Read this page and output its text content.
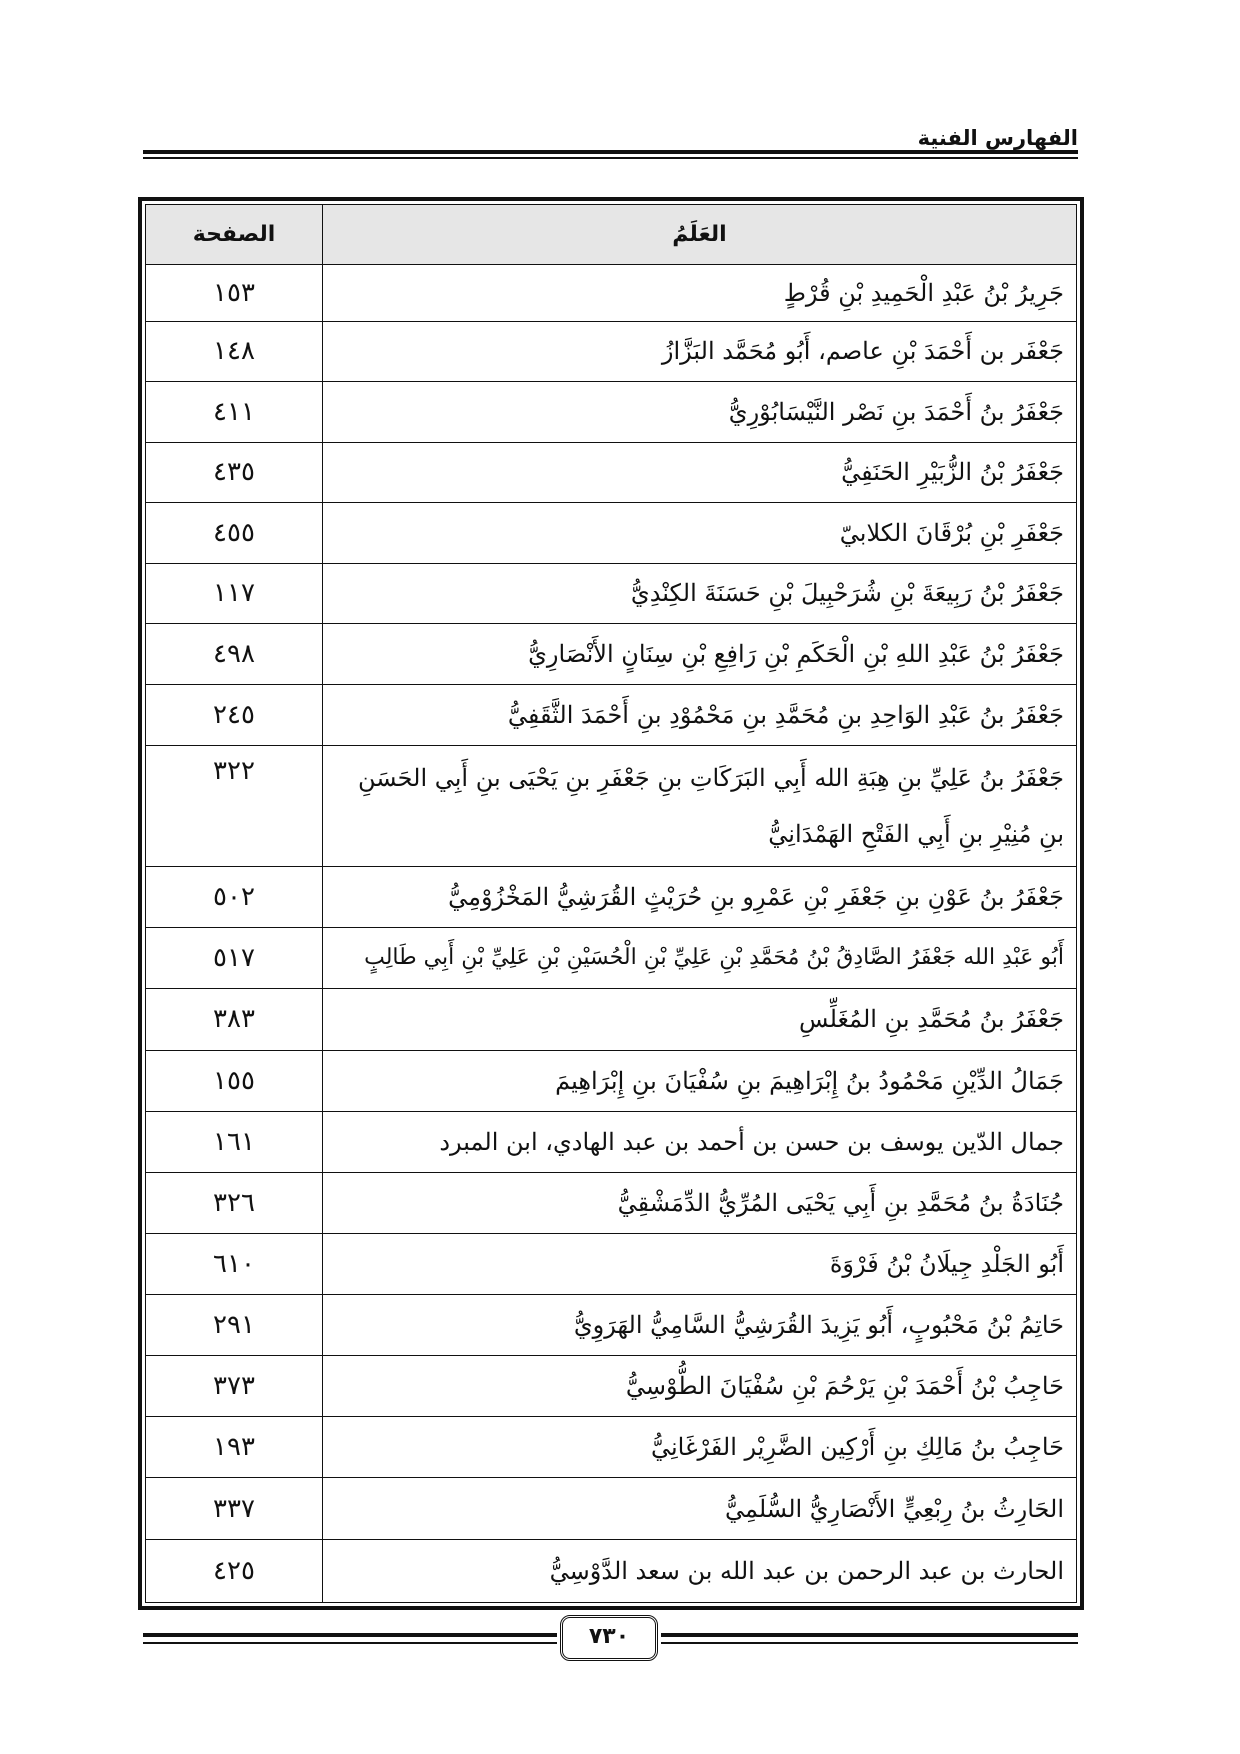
الفهارس الفنية
العَلَمُ	الصفحة
جَرِيرُ بْنُ عَبْدِ الْحَمِيدِ بْنِ قُرْطٍ	١٥٣
جَعْفَر بن أَحْمَدَ بْنِ عاصم، أَبُو مُحَمَّد البَزَّازُ	١٤٨
جَعْفَرُ بنُ أَحْمَدَ بنِ نَصْر النَّيْسَابُوْرِيُّ	٤١١
جَعْفَرُ بْنُ الزُّبَيْرِ الحَنَفِيُّ	٤٣٥
جَعْفَرِ بْنِ بُرْقَانَ الكلابيّ	٤٥٥
جَعْفَرُ بْنُ رَبِيعَةَ بْنِ شُرَحْبِيلَ بْنِ حَسَنَةَ الكِنْدِيُّ	١١٧
جَعْفَرُ بْنُ عَبْدِ اللهِ بْنِ الْحَكَمِ بْنِ رَافِعِ بْنِ سِنَانٍ الأَنْصَارِيُّ	٤٩٨
جَعْفَرُ بنُ عَبْدِ الوَاحِدِ بنِ مُحَمَّدِ بنِ مَحْمُوْدِ بنِ أَحْمَدَ الثَّقَفِيُّ	٢٤٥
جَعْفَرُ بنُ عَلِيِّ بنِ هِبَةِ الله أَبِي البَرَكَاتِ بنِ جَعْفَرِ بنِ يَحْيَى بنِ أَبِي الحَسَنِ بنِ مُنِيْرِ بنِ أَبِي الفَتْحِ الهَمْدَانِيُّ	٣٢٢
جَعْفَرُ بنُ عَوْنِ بنِ جَعْفَرِ بْنِ عَمْرِو بنِ حُرَيْثٍ القُرَشِيُّ المَخْزُوْمِيُّ	٥٠٢
أَبُو عَبْدِ الله جَعْفَرُ الصَّادِقُ بْنُ مُحَمَّدِ بْنِ عَلِيِّ بْنِ الْحُسَيْنِ بْنِ عَلِيِّ بْنِ أَبِي طَالِبٍ	٥١٧
جَعْفَرُ بنُ مُحَمَّدِ بنِ المُغَلِّسِ	٣٨٣
جَمَالُ الدِّيْنِ مَحْمُودُ بنُ إِبْرَاهِيمَ بنِ سُفْيَانَ بنِ إِبْرَاهِيمَ	١٥٥
جمال الدّين يوسف بن حسن بن أحمد بن عبد الهادي، ابن المبرد	١٦١
جُنَادَةُ بنُ مُحَمَّدِ بنِ أَبِي يَحْيَى المُرِّيُّ الدِّمَشْقِيُّ	٣٢٦
أَبُو الجَلْدِ جِيلَانُ بْنُ فَرْوَةَ	٦١٠
حَاتِمُ بْنُ مَحْبُوبٍ، أَبُو يَزِيدَ القُرَشِيُّ السَّامِيُّ الهَرَوِيُّ	٢٩١
حَاجِبُ بْنُ أَحْمَدَ بْنِ يَرْحُمَ بْنِ سُفْيَانَ الطُّوْسِيُّ	٣٧٣
حَاجِبُ بنُ مَالِكِ بنِ أَرْكِين الضَّرِيْر الفَرْغَانِيُّ	١٩٣
الحَارِثُ بنُ رِبْعِيٍّ الأَنْصَارِيُّ السُّلَمِيُّ	٣٣٧
الحارث بن عبد الرحمن بن عبد الله بن سعد الدَّوْسِيُّ	٤٢٥
٧٣٠
